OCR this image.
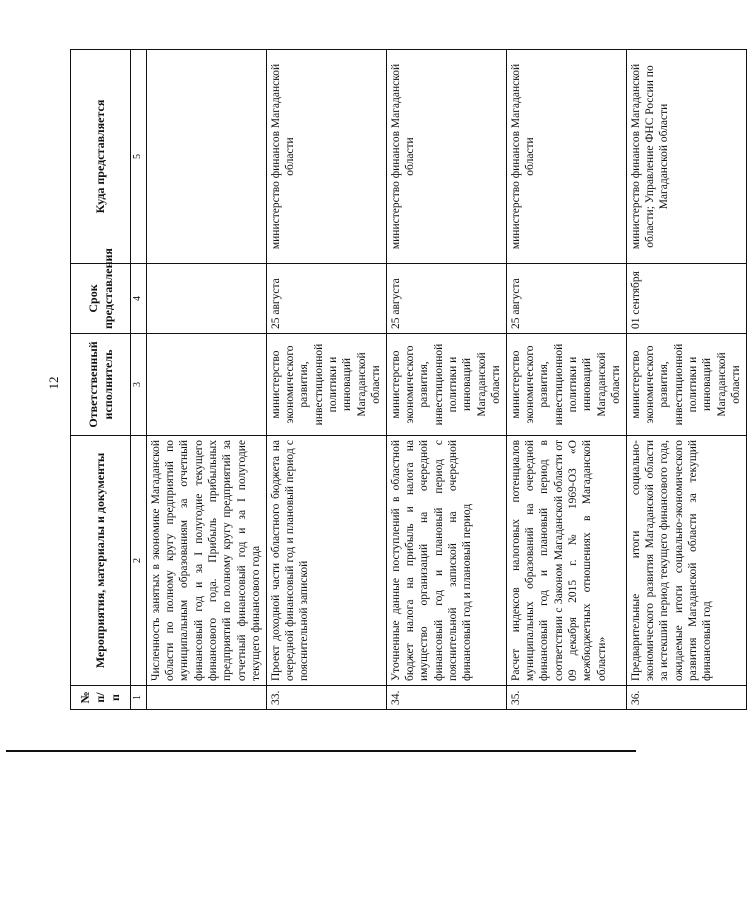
12
№ п/п	Мероприятия, материалы и документы	Ответственный исполнитель	Срок представления	Куда представляется
1	2	3	4	5
	Численность занятых в экономике Магаданской области по полному кругу предприятий по муниципальным образованиям за отчетный финансовый год и за I полугодие текущего финансового года. Прибыль прибыльных предприятий по полному кругу предприятий за отчетный финансовый год и за I полугодие текущего финансового года			
33.	Проект доходной части областного бюджета на очередной финансовый год и плановый период с пояснительной запиской	министерство экономического развития, инвестиционной политики и инноваций Магаданской области	25 августа	министерство финансов Магаданской области
34.	Уточненные данные поступлений в областной бюджет налога на прибыль и налога на имущество организаций на очередной финансовый год и плановый период с пояснительной запиской на очередной финансовый год и плановый период	министерство экономического развития, инвестиционной политики и инноваций Магаданской области	25 августа	министерство финансов Магаданской области
35.	Расчет индексов налоговых потенциалов муниципальных образований на очередной финансовый год и плановый период в соответствии с Законом Магаданской области от 09 декабря 2015 г. № 1969-ОЗ «О межбюджетных отношениях в Магаданской области»	министерство экономического развития, инвестиционной политики и инноваций Магаданской области	25 августа	министерство финансов Магаданской области
36.	Предварительные итоги социально-экономического развития Магаданской области за истекший период текущего финансового года, ожидаемые итоги социально-экономического развития Магаданской области за текущий финансовый год	министерство экономического развития, инвестиционной политики и инноваций Магаданской области	01 сентября	министерство финансов Магаданской области; Управление ФНС России по Магаданской области
